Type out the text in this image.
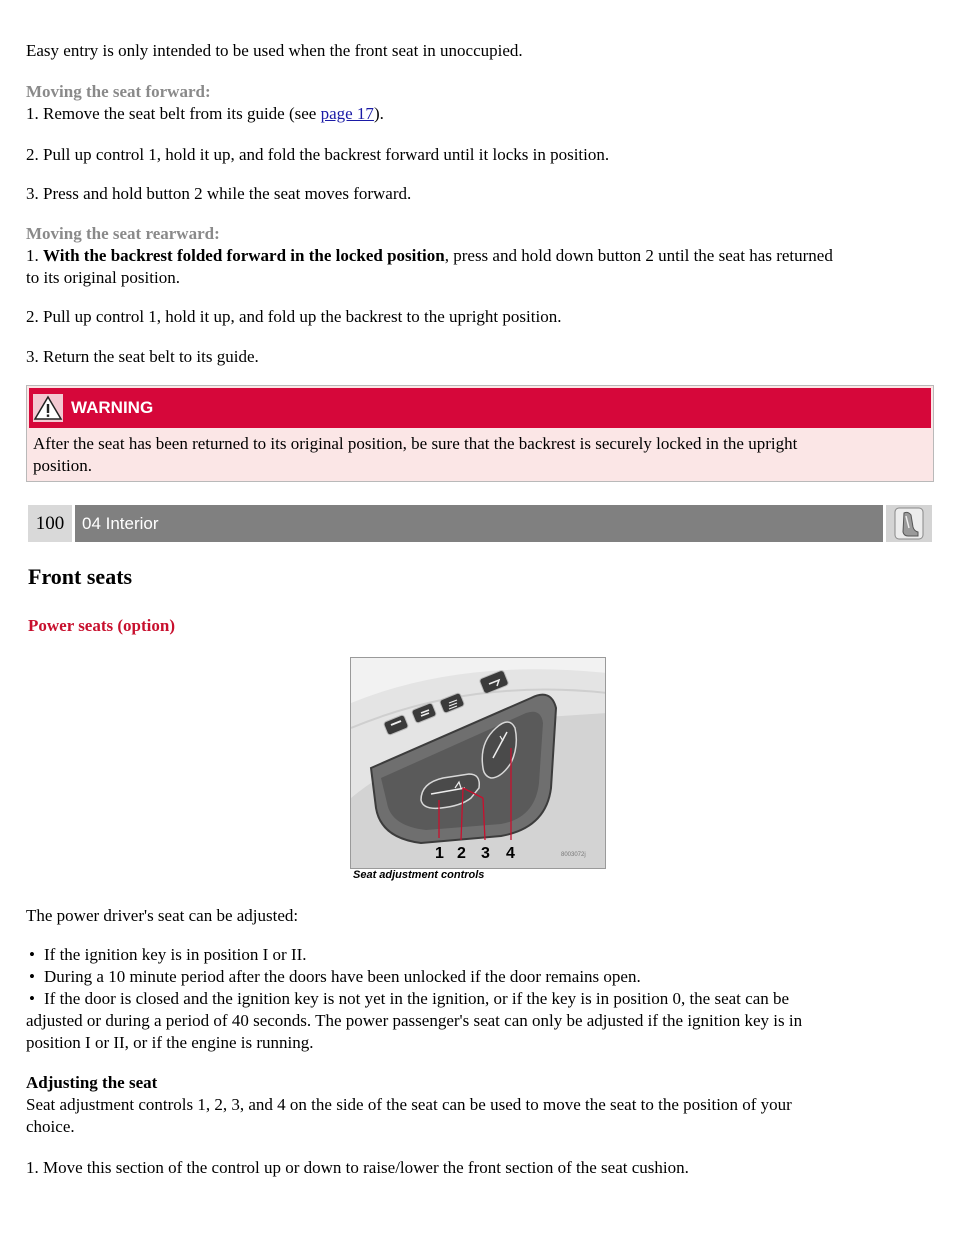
Easy entry is only intended to be used when the front seat in unoccupied.

Moving the seat forward:

1. Remove the seat belt from its guide (see page 17).

2. Pull up control 1, hold it up, and fold the backrest forward until it locks in position.

3. Press and hold button 2 while the seat moves forward.

Moving the seat rearward:

1. With the backrest folded forward in the locked position, press and hold down button 2 until the seat has returned

to its original position.

2. Pull up control 1, hold it up, and fold up the backrest to the upright position.

3. Return the seat belt to its guide.

WARNING
After the seat has been returned to its original position, be sure that the backrest is securely locked in the upright
position.
100	04 Interior
Front seats

Power seats (option)

1 2 3 4	8003072j
Seat adjustment controls

The power driver's seat can be adjusted:

• If the ignition key is in position I or II.
• During a 10 minute period after the doors have been unlocked if the door remains open.
• If the door is closed and the ignition key is not yet in the ignition, or if the key is in position 0, the seat can be

adjusted or during a period of 40 seconds. The power passenger's seat can only be adjusted if the ignition key is in

position I or II, or if the engine is running.

Adjusting the seat

Seat adjustment controls 1, 2, 3, and 4 on the side of the seat can be used to move the seat to the position of your

choice.

1. Move this section of the control up or down to raise/lower the front section of the seat cushion.
